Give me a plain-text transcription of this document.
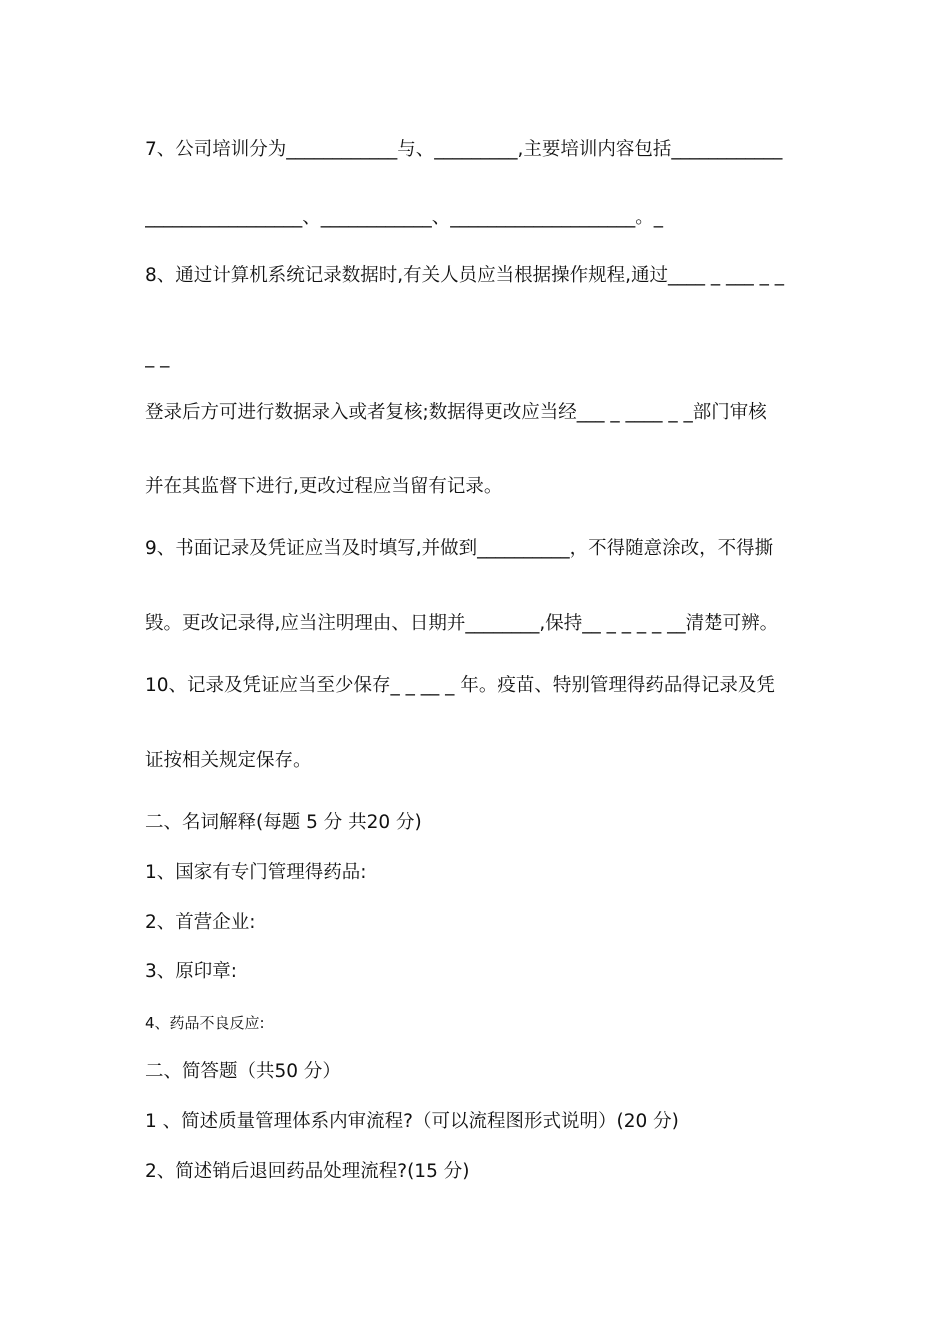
7、公司培训分为____________与、_________,主要培训内容包括____________
_________________、____________、____________________。_
8、通过计算机系统记录数据时,有关人员应当根据操作规程,通过____ _ ___ _ _
_ _
登录后方可进行数据录入或者复核;数据得更改应当经___ _ ____ _ _部门审核
并在其监督下进行,更改过程应当留有记录。
9、书面记录及凭证应当及时填写,并做到__________，不得随意涂改，不得撕
毁。更改记录得,应当注明理由、日期并________,保持__ _ _ _ _ __清楚可辨。
10、记录及凭证应当至少保存_ _ __ _ 年。疫苗、特别管理得药品得记录及凭
证按相关规定保存。
二、名词解释(每题 5 分 共20 分)
1、国家有专门管理得药品:
2、首营企业:
3、原印章:
4、药品不良反应:
二、简答题（共50 分）
1 、简述质量管理体系内审流程?（可以流程图形式说明）(20 分)
2、简述销后退回药品处理流程?(15 分)
